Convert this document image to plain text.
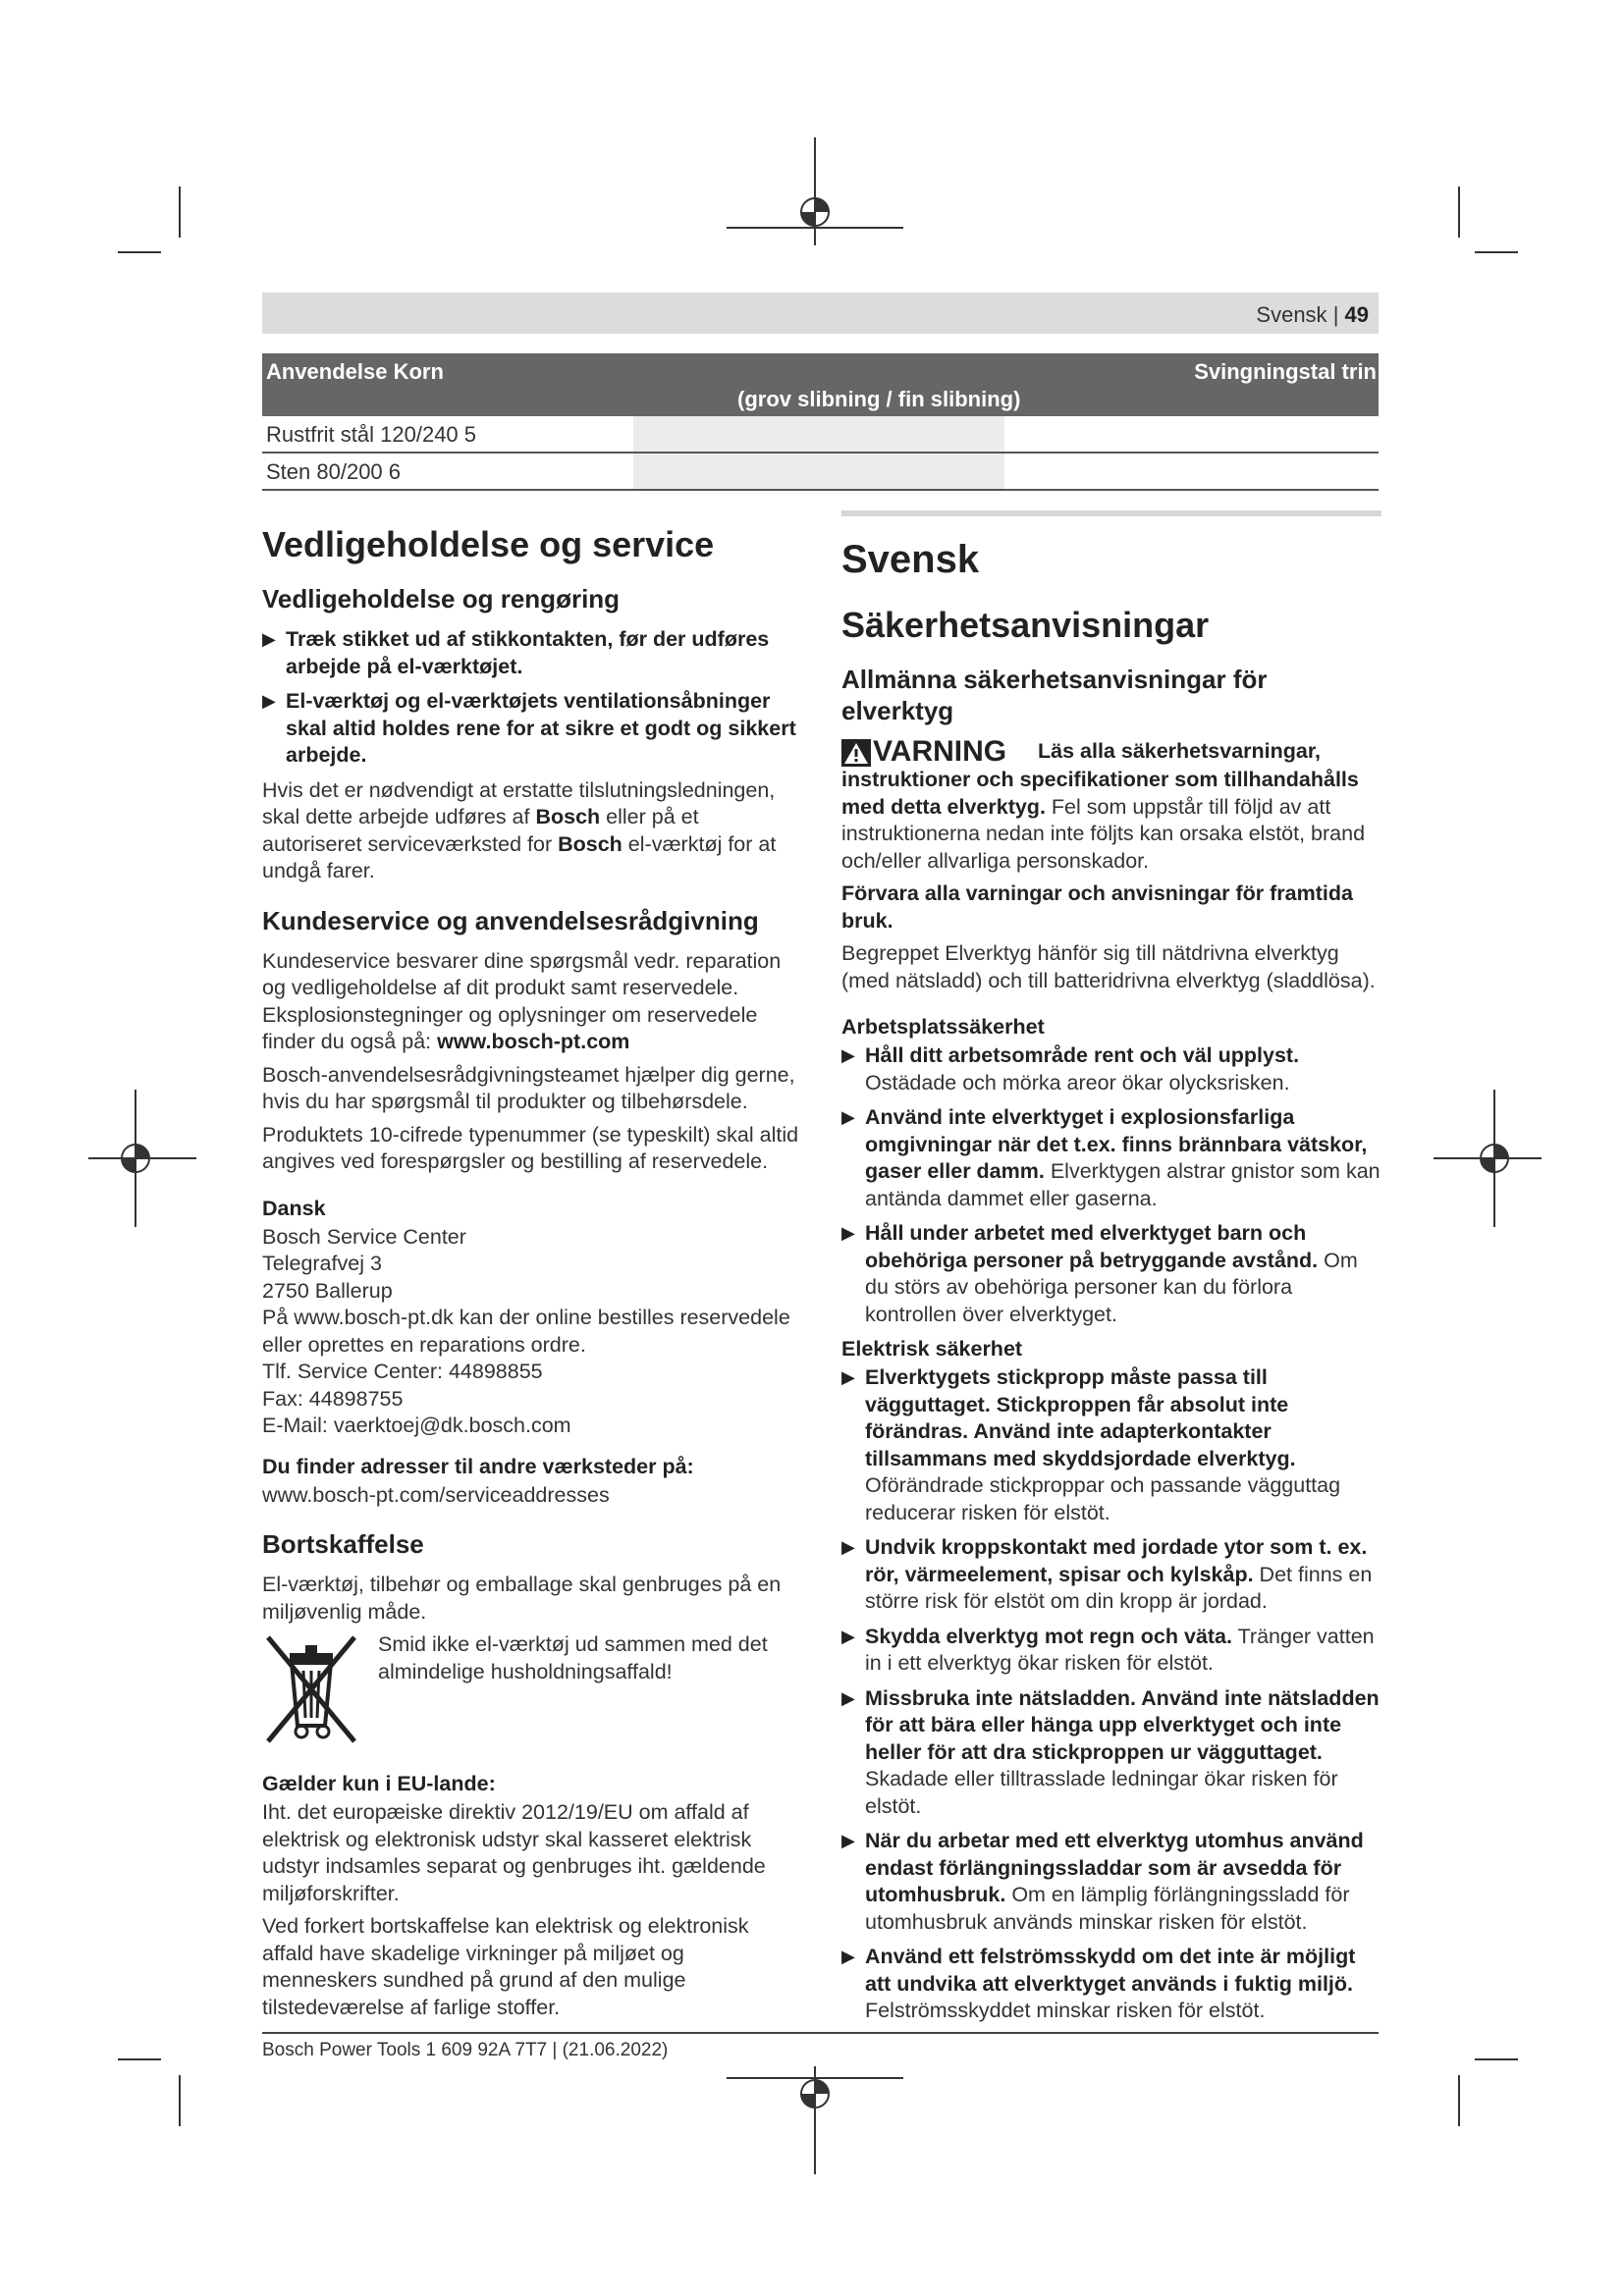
Svensk | 49
Anvendelse Korn
(grov slibning / fin slibning)
Svingningstal trin
Rustfrit stål 120/240 5
Sten 80/200 6
Vedligeholdelse og service
Vedligeholdelse og rengøring
▶ Træk stikket ud af stikkontakten, før der udføres arbejde på el-værktøjet.
▶ El-værktøj og el-værktøjets ventilationsåbninger skal altid holdes rene for at sikre et godt og sikkert arbejde.

Hvis det er nødvendigt at erstatte tilslutningsledningen, skal dette arbejde udføres af Bosch eller på et autoriseret serviceværksted for Bosch el-værktøj for at undgå farer.

Kundeservice og anvendelsesrådgivning

Kundeservice besvarer dine spørgsmål vedr. reparation og vedligeholdelse af dit produkt samt reservedele. Eksplosionstegninger og oplysninger om reservedele finder du også på: www.bosch-pt.com

Bosch-anvendelsesrådgivningsteamet hjælper dig gerne, hvis du har spørgsmål til produkter og tilbehørsdele.

Produktets 10-cifrede typenummer (se typeskilt) skal altid angives ved forespørgsler og bestilling af reservedele.

Dansk
Bosch Service Center
Telegrafvej 3
2750 Ballerup
På www.bosch-pt.dk kan der online bestilles reservedele eller oprettes en reparations ordre.
Tlf. Service Center: 44898855
Fax: 44898755
E-Mail: vaerktoej@dk.bosch.com
Du finder adresser til andre værksteder på:

www.bosch-pt.com/serviceaddresses

Bortskaffelse

El-værktøj, tilbehør og emballage skal genbruges på en miljøvenlig måde.

Smid ikke el-værktøj ud sammen med det almindelige husholdningsaffald!
Gælder kun i EU-lande:

Iht. det europæiske direktiv 2012/19/EU om affald af elektrisk og elektronisk udstyr skal kasseret elektrisk udstyr indsamles separat og genbruges iht. gældende miljøforskrifter.

Ved forkert bortskaffelse kan elektrisk og elektronisk affald have skadelige virkninger på miljøet og menneskers sundhed på grund af den mulige tilstedeværelse af farlige stoffer.

Svensk
Säkerhetsanvisningar
Allmänna säkerhetsanvisningar för elverktyg

VARNING Läs alla säkerhetsvarningar, instruktioner och specifikationer som tillhandahålls med detta elverktyg. Fel som uppstår till följd av att instruktionerna nedan inte följts kan orsaka elstöt, brand och/eller allvarliga personskador.

Förvara alla varningar och anvisningar för framtida bruk.

Begreppet Elverktyg hänför sig till nätdrivna elverktyg (med nätsladd) och till batteridrivna elverktyg (sladdlösa).

Arbetsplatssäkerhet
▶ Håll ditt arbetsområde rent och väl upplyst. Ostädade och mörka areor ökar olycksrisken.
▶ Använd inte elverktyget i explosionsfarliga omgivningar när det t.ex. finns brännbara vätskor, gaser eller damm. Elverktygen alstrar gnistor som kan antända dammet eller gaserna.
▶ Håll under arbetet med elverktyget barn och obehöriga personer på betryggande avstånd. Om du störs av obehöriga personer kan du förlora kontrollen över elverktyget.
Elektrisk säkerhet
▶ Elverktygets stickpropp måste passa till vägguttaget. Stickproppen får absolut inte förändras. Använd inte adapterkontakter tillsammans med skyddsjordade elverktyg. Oförändrade stickproppar och passande vägguttag reducerar risken för elstöt.
▶ Undvik kroppskontakt med jordade ytor som t. ex. rör, värmeelement, spisar och kylskåp. Det finns en större risk för elstöt om din kropp är jordad.
▶ Skydda elverktyg mot regn och väta. Tränger vatten in i ett elverktyg ökar risken för elstöt.
▶ Missbruka inte nätsladden. Använd inte nätsladden för att bära eller hänga upp elverktyget och inte heller för att dra stickproppen ur vägguttaget. Skadade eller tilltrasslade ledningar ökar risken för elstöt.
▶ När du arbetar med ett elverktyg utomhus använd endast förlängningssladdar som är avsedda för utomhusbruk. Om en lämplig förlängningssladd för utomhusbruk används minskar risken för elstöt.
▶ Använd ett felströmsskydd om det inte är möjligt att undvika att elverktyget används i fuktig miljö. Felströmsskyddet minskar risken för elstöt.
Bosch Power Tools 1 609 92A 7T7 | (21.06.2022)
